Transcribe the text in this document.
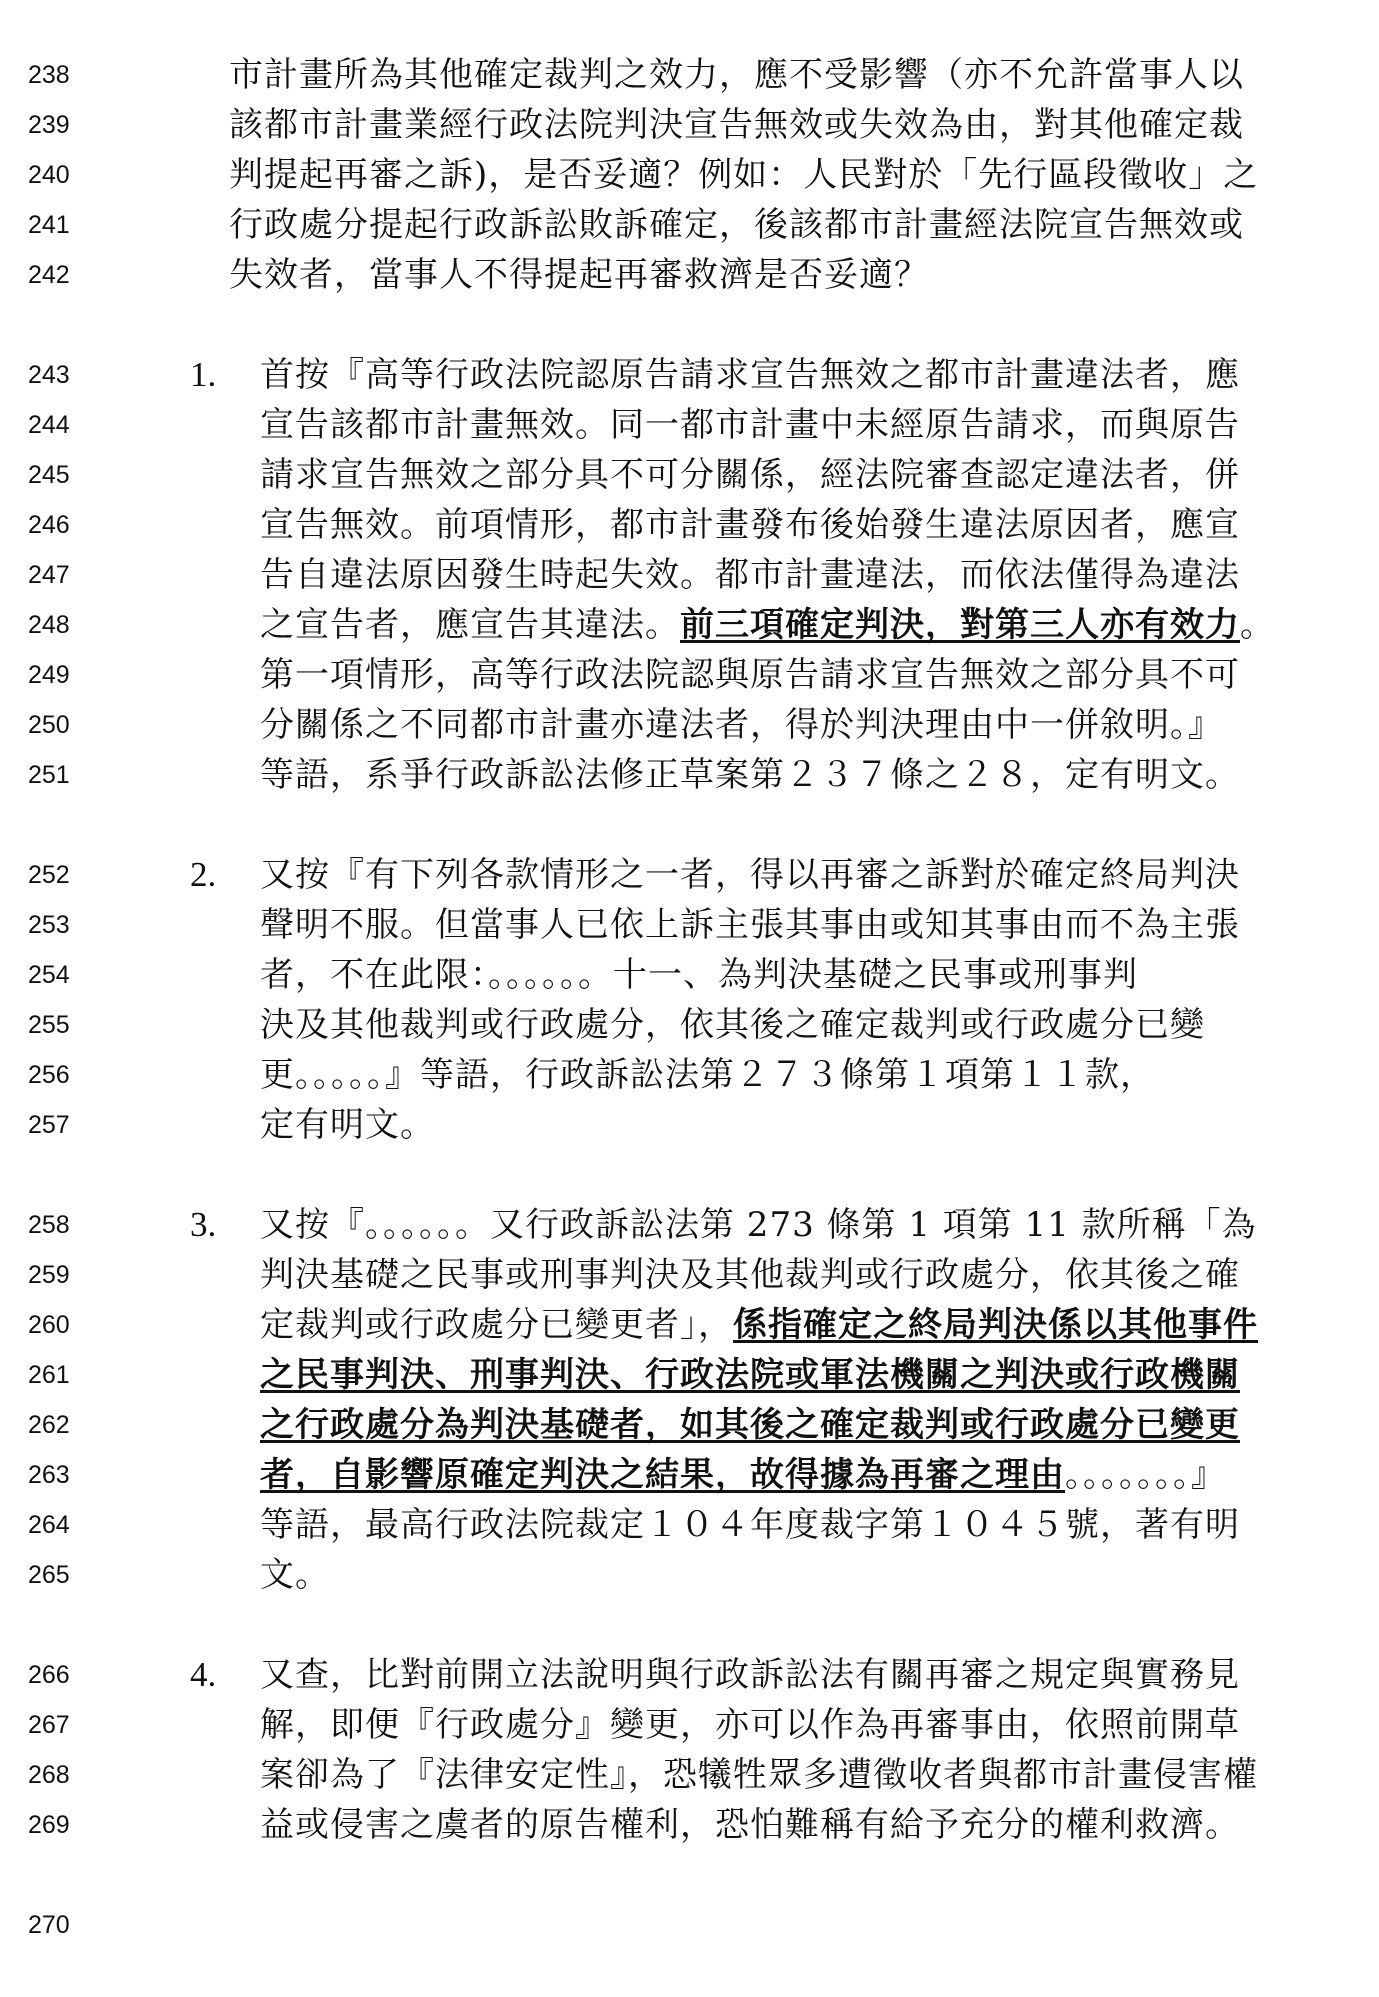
238
239
240
241
242
243
244
245
246
247
248
249
250
251
252
253
254
255
256
257
258
259
260
261
262
263
264
265
266
267
268
269
270
市計畫所為其他確定裁判之效力，應不受影響（亦不允許當事人以
該都市計畫業經行政法院判決宣告無效或失效為由，對其他確定裁
判提起再審之訴)，是否妥適？例如：人民對於「先行區段徵收」之
行政處分提起行政訴訟敗訴確定，後該都市計畫經法院宣告無效或
失效者，當事人不得提起再審救濟是否妥適？
1. 首按『高等行政法院認原告請求宣告無效之都市計畫違法者，應
宣告該都市計畫無效。同一都市計畫中未經原告請求，而與原告
請求宣告無效之部分具不可分關係，經法院審查認定違法者，併
宣告無效。前項情形，都市計畫發布後始發生違法原因者，應宣
告自違法原因發生時起失效。都市計畫違法，而依法僅得為違法
之宣告者，應宣告其違法。前三項確定判決，對第三人亦有效力。
第一項情形，高等行政法院認與原告請求宣告無效之部分具不可
分關係之不同都市計畫亦違法者，得於判決理由中一併敘明。』
等語，系爭行政訴訟法修正草案第２３７條之２８，定有明文。
2. 又按『有下列各款情形之一者，得以再審之訴對於確定終局判決
聲明不服。但當事人已依上訴主張其事由或知其事由而不為主張
者，不在此限：。。。。。。十一、為判決基礎之民事或刑事判
決及其他裁判或行政處分，依其後之確定裁判或行政處分已變
更。。。。。』等語，行政訴訟法第２７３條第１項第１１款，
定有明文。
3. 又按『。。。。。。又行政訴訟法第 273 條第 1 項第 11 款所稱「為
判決基礎之民事或刑事判決及其他裁判或行政處分，依其後之確
定裁判或行政處分已變更者」，係指確定之終局判決係以其他事件
之民事判決、刑事判決、行政法院或軍法機關之判決或行政機關
之行政處分為判決基礎者，如其後之確定裁判或行政處分已變更
者，自影響原確定判決之結果，故得據為再審之理由。。。。。。。』
等語，最高行政法院裁定１０４年度裁字第１０４５號，著有明
文。
4. 又查，比對前開立法說明與行政訴訟法有關再審之規定與實務見
解，即便『行政處分』變更，亦可以作為再審事由，依照前開草
案卻為了『法律安定性』，恐犧牲眾多遭徵收者與都市計畫侵害權
益或侵害之虞者的原告權利，恐怕難稱有給予充分的權利救濟。
